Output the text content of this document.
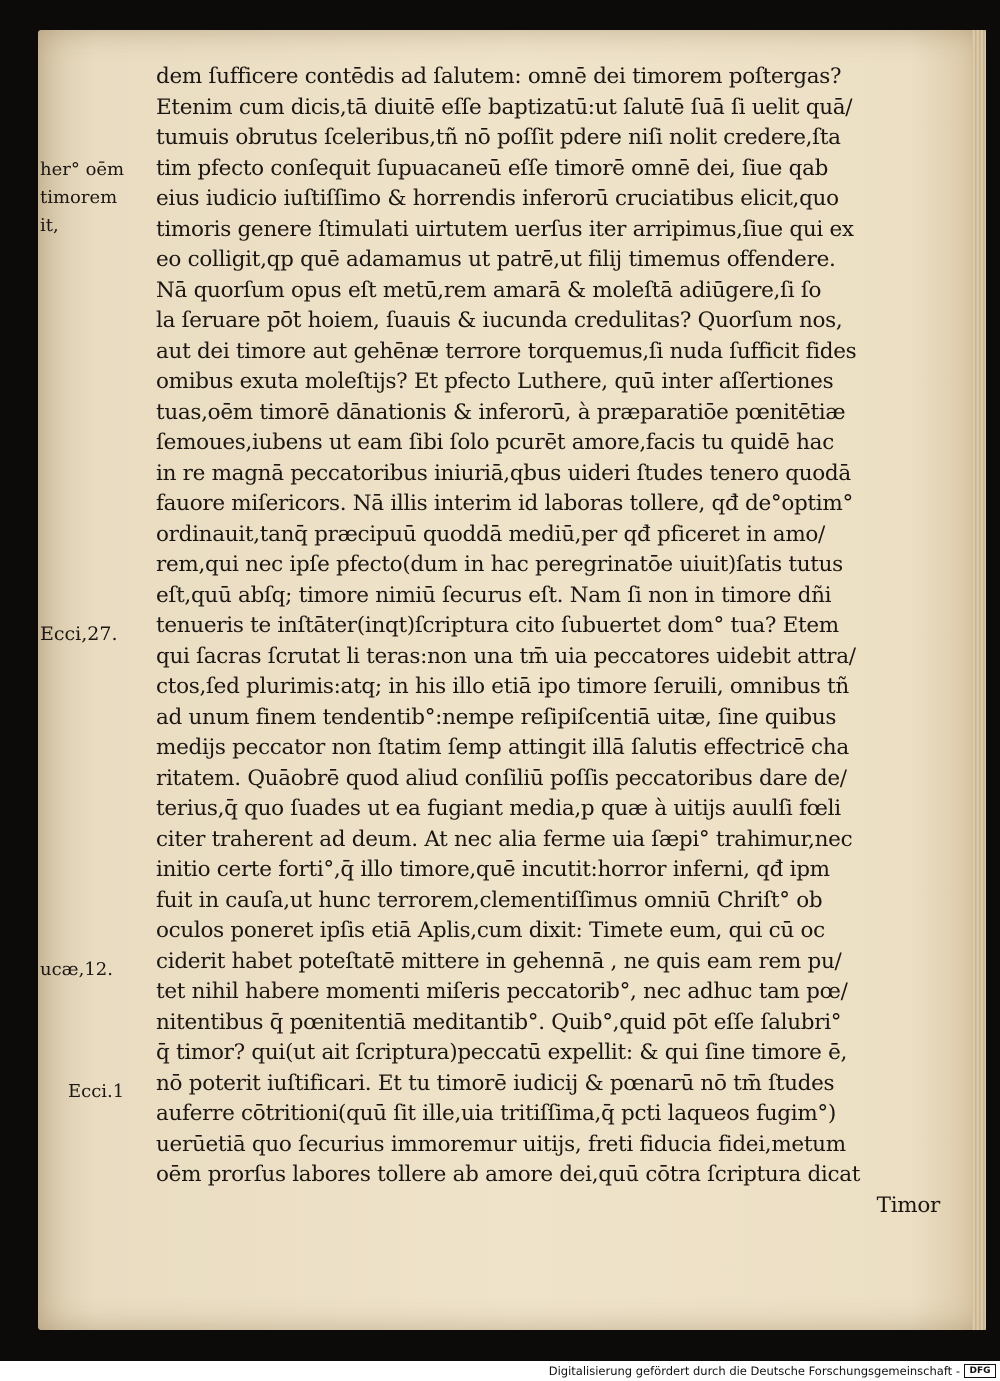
her° oēm
timorem
it,
Ecci,27.
ucæ,12.
Ecci.1
dem ſufficere contēdis ad ſalutem: omnē dei timorem poſtergas?
Etenim cum dicis,tā diuitē eſſe baptizatū:ut ſalutē ſuā ſi uelit quā/
tumuis obrutus ſceleribus,tñ nō poſſit pdere niſi nolit credere,ſta
tim pfecto conſequit ſupuacaneū eſſe timorē omnē dei, ſiue qab
eius iudicio iuſtiſſimo & horrendis inferorū cruciatibus elicit,quo
timoris genere ſtimulati uirtutem uerſus iter arripimus,ſiue qui ex
eo colligit,qp quē adamamus ut patrē,ut filij timemus offendere.
Nā quorſum opus eſt metū,rem amarā & moleſtā adiūgere,ſi ſo
la ſeruare pōt hoiem, ſuauis & iucunda credulitas? Quorſum nos,
aut dei timore aut gehēnæ terrore torquemus,ſi nuda ſufficit fides
omibus exuta moleſtijs? Et pfecto Luthere, quū inter aſſertiones
tuas,oēm timorē dānationis & inferorū, à præparatiōe pœnitētiæ
ſemoues,iubens ut eam ſibi ſolo pcurēt amore,facis tu quidē hac
in re magnā peccatoribus iniuriā,qbus uideri ſtudes tenero quodā
fauore miſericors. Nā illis interim id laboras tollere, qđ de°optim°
ordinauit,tanq̄ præcipuū quoddā mediū,per qđ pficeret in amo/
rem,qui nec ipſe pfecto(dum in hac peregrinatōe uiuit)ſatis tutus
eſt,quū abſq; timore nimiū ſecurus eſt. Nam ſi non in timore dñi
tenueris te inſtāter(inqt)ſcriptura cito ſubuertet dom° tua? Etem
qui ſacras ſcrutat li teras:non una tm̄ uia peccatores uidebit attra/
ctos,ſed plurimis:atq; in his illo etiā ipo timore ſeruili, omnibus tñ
ad unum finem tendentib°:nempe reſipiſcentiā uitæ, ſine quibus
medijs peccator non ſtatim ſemp attingit illā ſalutis effectricē cha
ritatem. Quāobrē quod aliud conſiliū poſſis peccatoribus dare de/
terius,q̄ quo ſuades ut ea fugiant media,p quæ à uitijs auulſi fœli
citer traherent ad deum. At nec alia ferme uia ſæpi° trahimur,nec
initio certe forti°,q̄ illo timore,quē incutit:horror inferni, qđ ipm
fuit in cauſa,ut hunc terrorem,clementiſſimus omniū Chriſt° ob
oculos poneret ipſis etiā Aplis,cum dixit: Timete eum, qui cū oc
ciderit habet poteſtatē mittere in gehennā , ne quis eam rem pu/
tet nihil habere momenti miſeris peccatorib°, nec adhuc tam pœ/
nitentibus q̄ pœnitentiā meditantib°. Quib°,quid pōt eſſe ſalubri°
q̄ timor? qui(ut ait ſcriptura)peccatū expellit: & qui ſine timore ē,
nō poterit iuſtificari. Et tu timorē iudicij & pœnarū nō tm̄ ſtudes
auferre cōtritioni(quū ſit ille,uia tritiſſima,q̄ pcti laqueos fugim°)
uerūetiā quo ſecurius immoremur uitijs, freti fiducia fidei,metum
oēm prorſus labores tollere ab amore dei,quū cōtra ſcriptura dicat
Timor
Digitalisierung gefördert durch die Deutsche Forschungsgemeinschaft -	DFG
